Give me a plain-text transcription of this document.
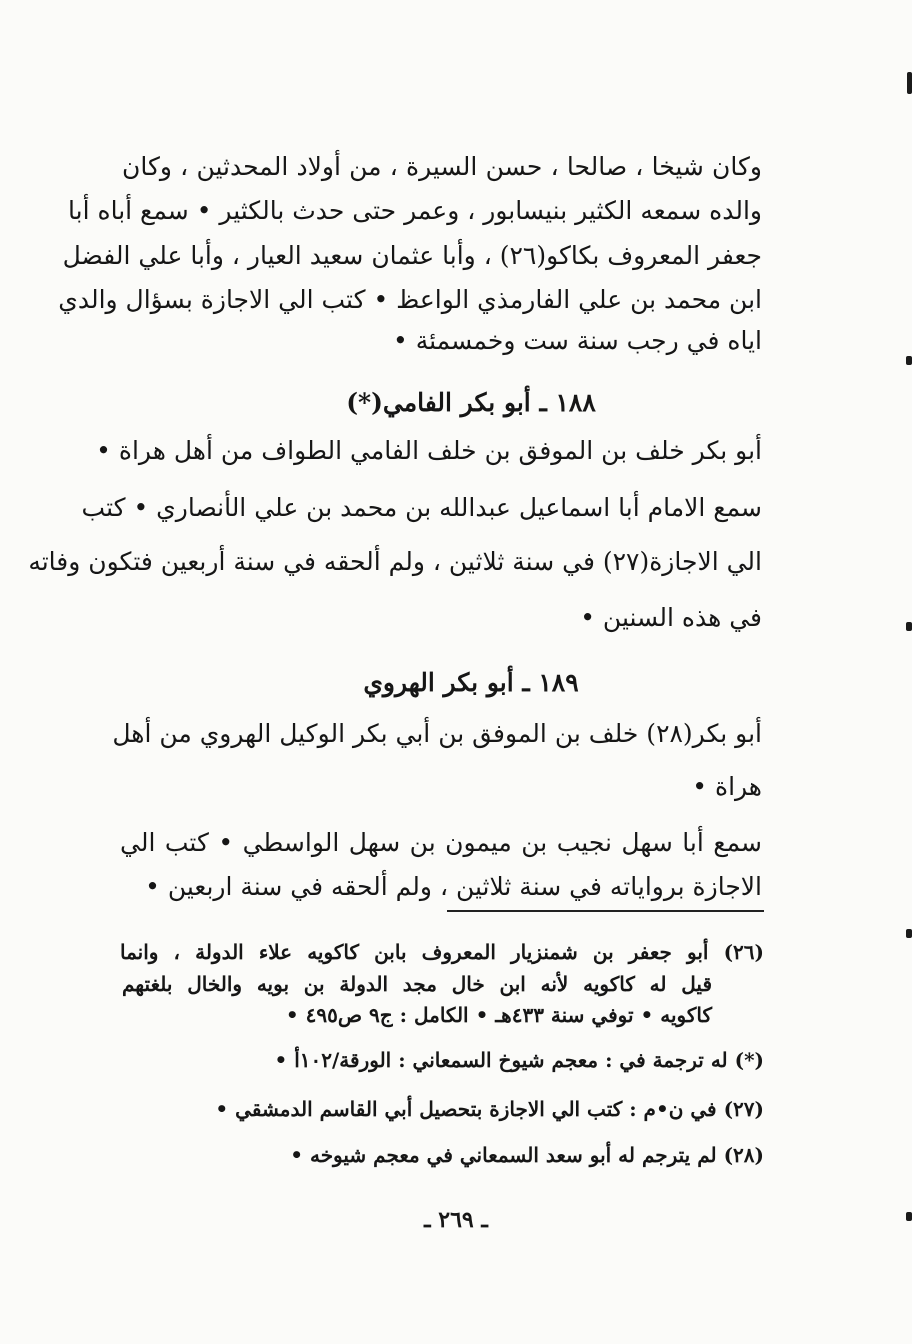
وكان شيخا ، صالحا ، حسن السيرة ، من أولاد المحدثين ، وكان
والده سمعه الكثير بنيسابور ، وعمر حتى حدث بالكثير • سمع أباه أبا
جعفر المعروف بكاكو(٢٦) ، وأبا عثمان سعيد العيار ، وأبا علي الفضل
ابن محمد بن علي الفارمذي الواعظ • كتب الي الاجازة بسؤال والدي
اياه في رجب سنة ست وخمسمئة •
١٨٨ ـ أبو بكر الفامي(*)
أبو بكر خلف بن الموفق بن خلف الفامي الطواف من أهل هراة •
سمع الامام أبا اسماعيل عبدالله بن محمد بن علي الأنصاري • كتب
الي الاجازة(٢٧) في سنة ثلاثين ، ولم ألحقه في سنة أربعين فتكون وفاته
في هذه السنين •
١٨٩ ـ أبو بكر الهروي
أبو بكر(٢٨) خلف بن الموفق بن أبي بكر الوكيل الهروي من أهل
هراة •
سمع أبا سهل نجيب بن ميمون بن سهل الواسطي • كتب الي
الاجازة برواياته في سنة ثلاثين ، ولم ألحقه في سنة اربعين •
(٢٦) أبو جعفر بن شمنزيار المعروف بابن كاكويه علاء الدولة ، وانما
قيل له كاكويه لأنه ابن خال مجد الدولة بن بويه والخال بلغتهم
كاكويه • توفي سنة ٤٣٣هـ • الكامل : ج٩ ص٤٩٥ •
(*) له ترجمة في : معجم شيوخ السمعاني : الورقة/١٠٢أ •
(٢٧) في ن•م : كتب الي الاجازة بتحصيل أبي القاسم الدمشقي •
(٢٨) لم يترجم له أبو سعد السمعاني في معجم شيوخه •
ـ ٢٦٩ ـ
